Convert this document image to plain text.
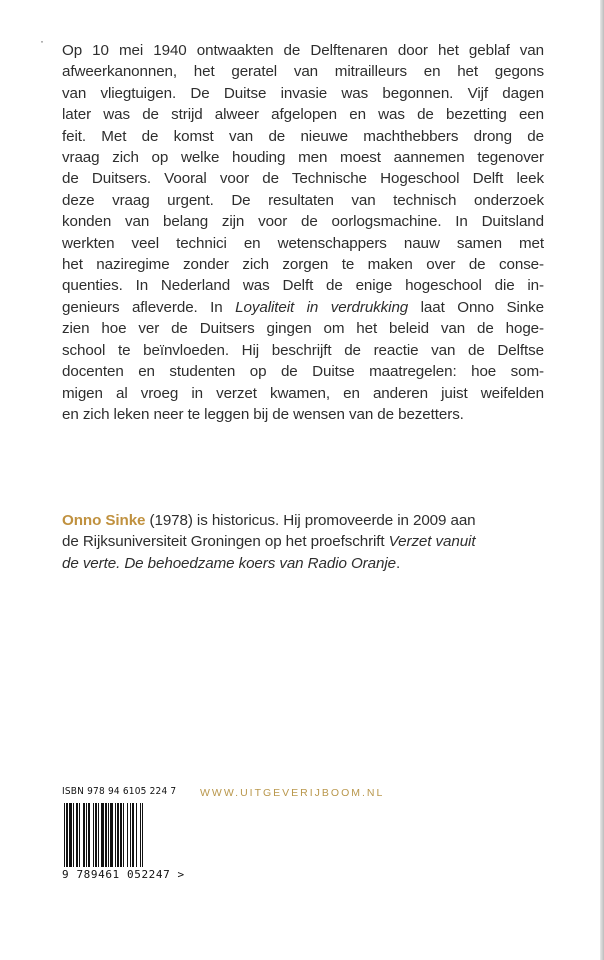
·
Op 10 mei 1940 ontwaakten de Delftenaren door het geblaf van
afweerkanonnen, het geratel van mitrailleurs en het gegons
van vliegtuigen. De Duitse invasie was begonnen. Vijf dagen
later was de strijd alweer afgelopen en was de bezetting een
feit. Met de komst van de nieuwe machthebbers drong de
vraag zich op welke houding men moest aannemen tegenover
de Duitsers. Vooral voor de Technische Hogeschool Delft leek
deze vraag urgent. De resultaten van technisch onderzoek
konden van belang zijn voor de oorlogsmachine. In Duitsland
werkten veel technici en wetenschappers nauw samen met
het naziregime zonder zich zorgen te maken over de conse-
quenties. In Nederland was Delft de enige hogeschool die in-
genieurs afleverde. In Loyaliteit in verdrukking laat Onno Sinke
zien hoe ver de Duitsers gingen om het beleid van de hoge-
school te beïnvloeden. Hij beschrijft de reactie van de Delftse
docenten en studenten op de Duitse maatregelen: hoe som-
migen al vroeg in verzet kwamen, en anderen juist weifelden
en zich leken neer te leggen bij de wensen van de bezetters.
Onno Sinke (1978) is historicus. Hij promoveerde in 2009 aan
de Rijksuniversiteit Groningen op het proefschrift Verzet vanuit
de verte. De behoedzame koers van Radio Oranje.
ISBN 978 94 6105 224 7 WWW.UITGEVERIJBOOM.NL
9 789461 052247 >
